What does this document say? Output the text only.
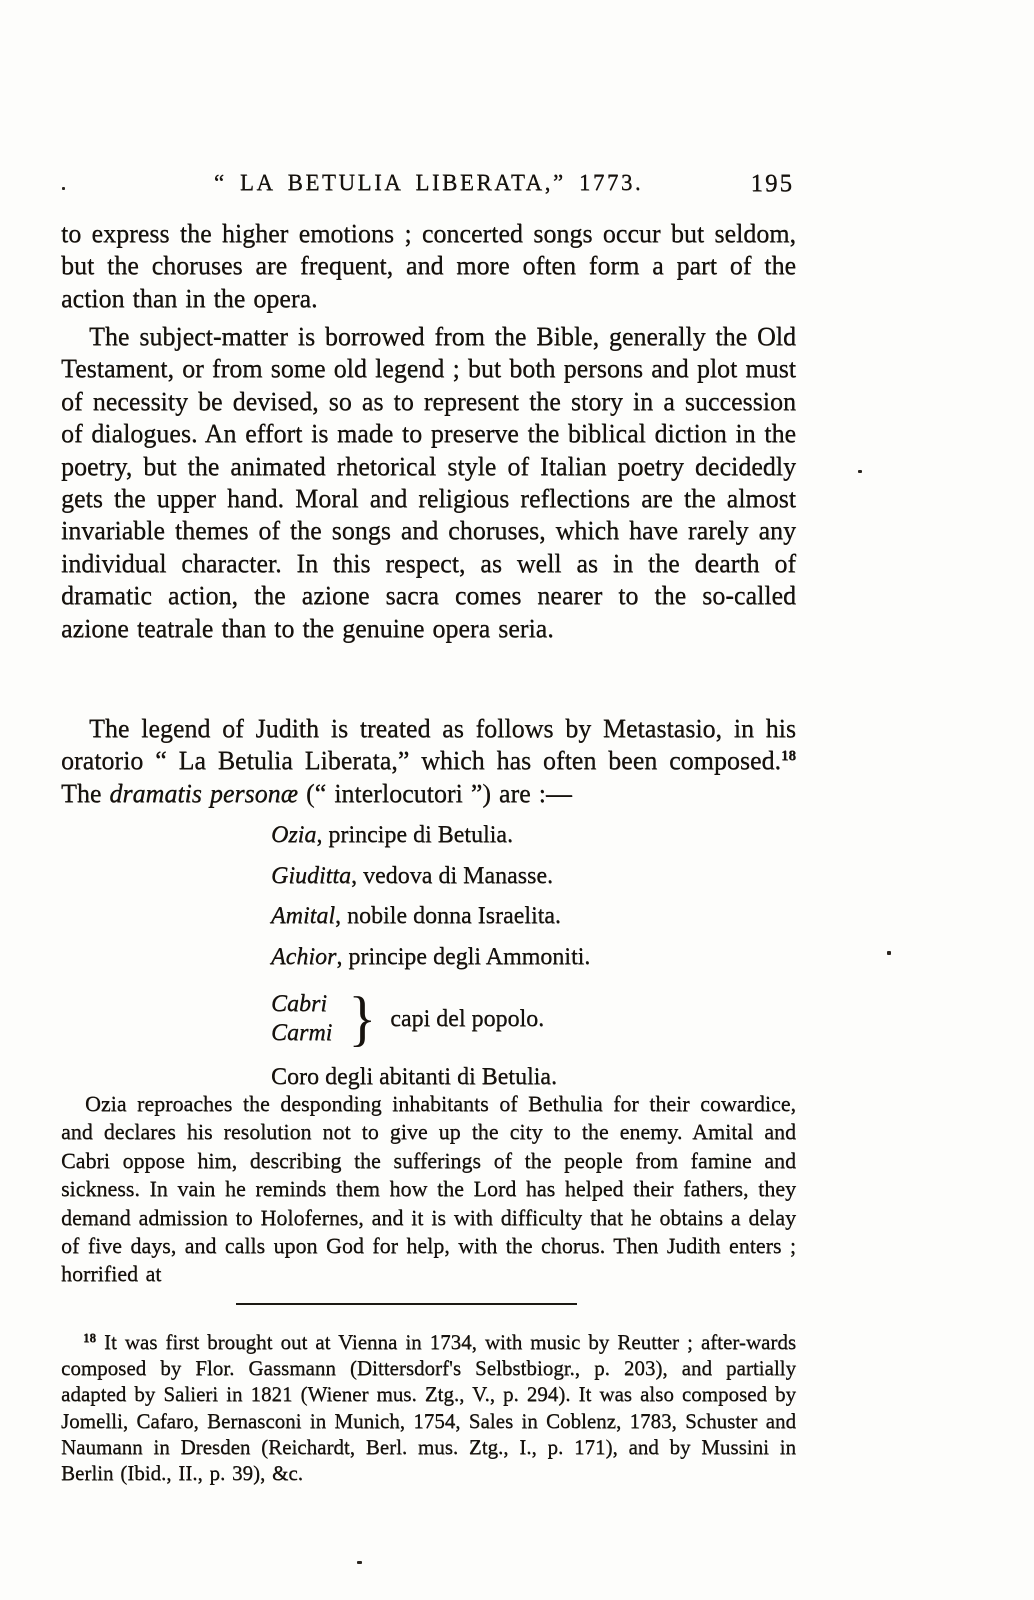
“ LA BETULIA LIBERATA,” 1773.	195

to express the higher emotions ; concerted songs occur but seldom, but the choruses are frequent, and more often form a part of the action than in the opera.

The subject-matter is borrowed from the Bible, generally the Old Testament, or from some old legend ; but both persons and plot must of necessity be devised, so as to represent the story in a succession of dialogues. An effort is made to preserve the biblical diction in the poetry, but the animated rhetorical style of Italian poetry decidedly gets the upper hand. Moral and religious reflections are the almost invariable themes of the songs and choruses, which have rarely any individual character. In this respect, as well as in the dearth of dramatic action, the azione sacra comes nearer to the so-called azione teatrale than to the genuine opera seria.

The legend of Judith is treated as follows by Metastasio, in his oratorio “ La Betulia Liberata,” which has often been composed.$^{18}$ The dramatis personæ (“ interlocutori ”) are :—

Ozia, principe di Betulia.
Giuditta, vedova di Manasse.
Amital, nobile donna Israelita.
Achior, principe degli Ammoniti.
Cabri
Carmi } capi del popolo.
Coro degli abitanti di Betulia.

Ozia reproaches the desponding inhabitants of Bethulia for their cowardice, and declares his resolution not to give up the city to the enemy. Amital and Cabri oppose him, describing the sufferings of the people from famine and sickness. In vain he reminds them how the Lord has helped their fathers, they demand admission to Holofernes, and it is with difficulty that he obtains a delay of five days, and calls upon God for help, with the chorus. Then Judith enters ; horrified at

$^{18}$ It was first brought out at Vienna in 1734, with music by Reutter ; after-wards composed by Flor. Gassmann (Dittersdorf's Selbstbiogr., p. 203), and partially adapted by Salieri in 1821 (Wiener mus. Ztg., V., p. 294). It was also composed by Jomelli, Cafaro, Bernasconi in Munich, 1754, Sales in Coblenz, 1783, Schuster and Naumann in Dresden (Reichardt, Berl. mus. Ztg., I., p. 171), and by Mussini in Berlin (Ibid., II., p. 39), &c.
